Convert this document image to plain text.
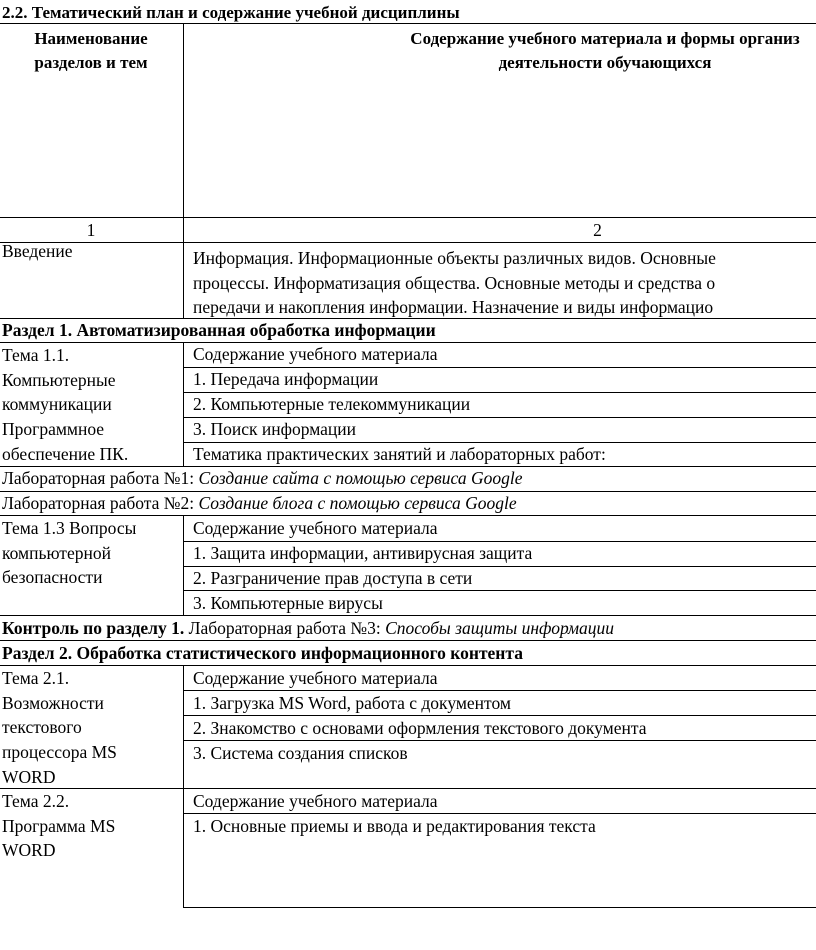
2.2. Тематический план и содержание учебной дисциплины
Наименование
разделов и тем
Содержание учебного материала и формы организ
деятельности обучающихся
1	2
Введение	Информация. Информационные объекты различных видов. Основные
процессы. Информатизация общества. Основные методы и средства о
передачи и накопления информации. Назначение и виды информацио
Раздел 1. Автоматизированная обработка информации
Тема 1.1.
Компьютерные
коммуникации
Программное
обеспечение ПК.
Содержание учебного материала
1. Передача информации
2. Компьютерные телекоммуникации
3. Поиск информации
Тематика практических занятий и лабораторных работ:
Лабораторная работа №1: Создание сайта с помощью сервиса Google
Лабораторная работа №2: Создание блога с помощью сервиса Google
Тема 1.3 Вопросы
компьютерной
безопасности
Содержание учебного материала
1. Защита информации, антивирусная защита
2. Разграничение прав доступа в сети
3. Компьютерные вирусы
Контроль по разделу 1. Лабораторная работа №3: Способы защиты информации
Раздел 2. Обработка статистического информационного контента
Тема 2.1.
Возможности
текстового
процессора MS
WORD
Содержание учебного материала
1. Загрузка MS Word, работа с документом
2. Знакомство с основами оформления текстового документа
3. Система создания списков
Тема 2.2.
Программа MS
WORD
Содержание учебного материала
1. Основные приемы и ввода и редактирования текста
